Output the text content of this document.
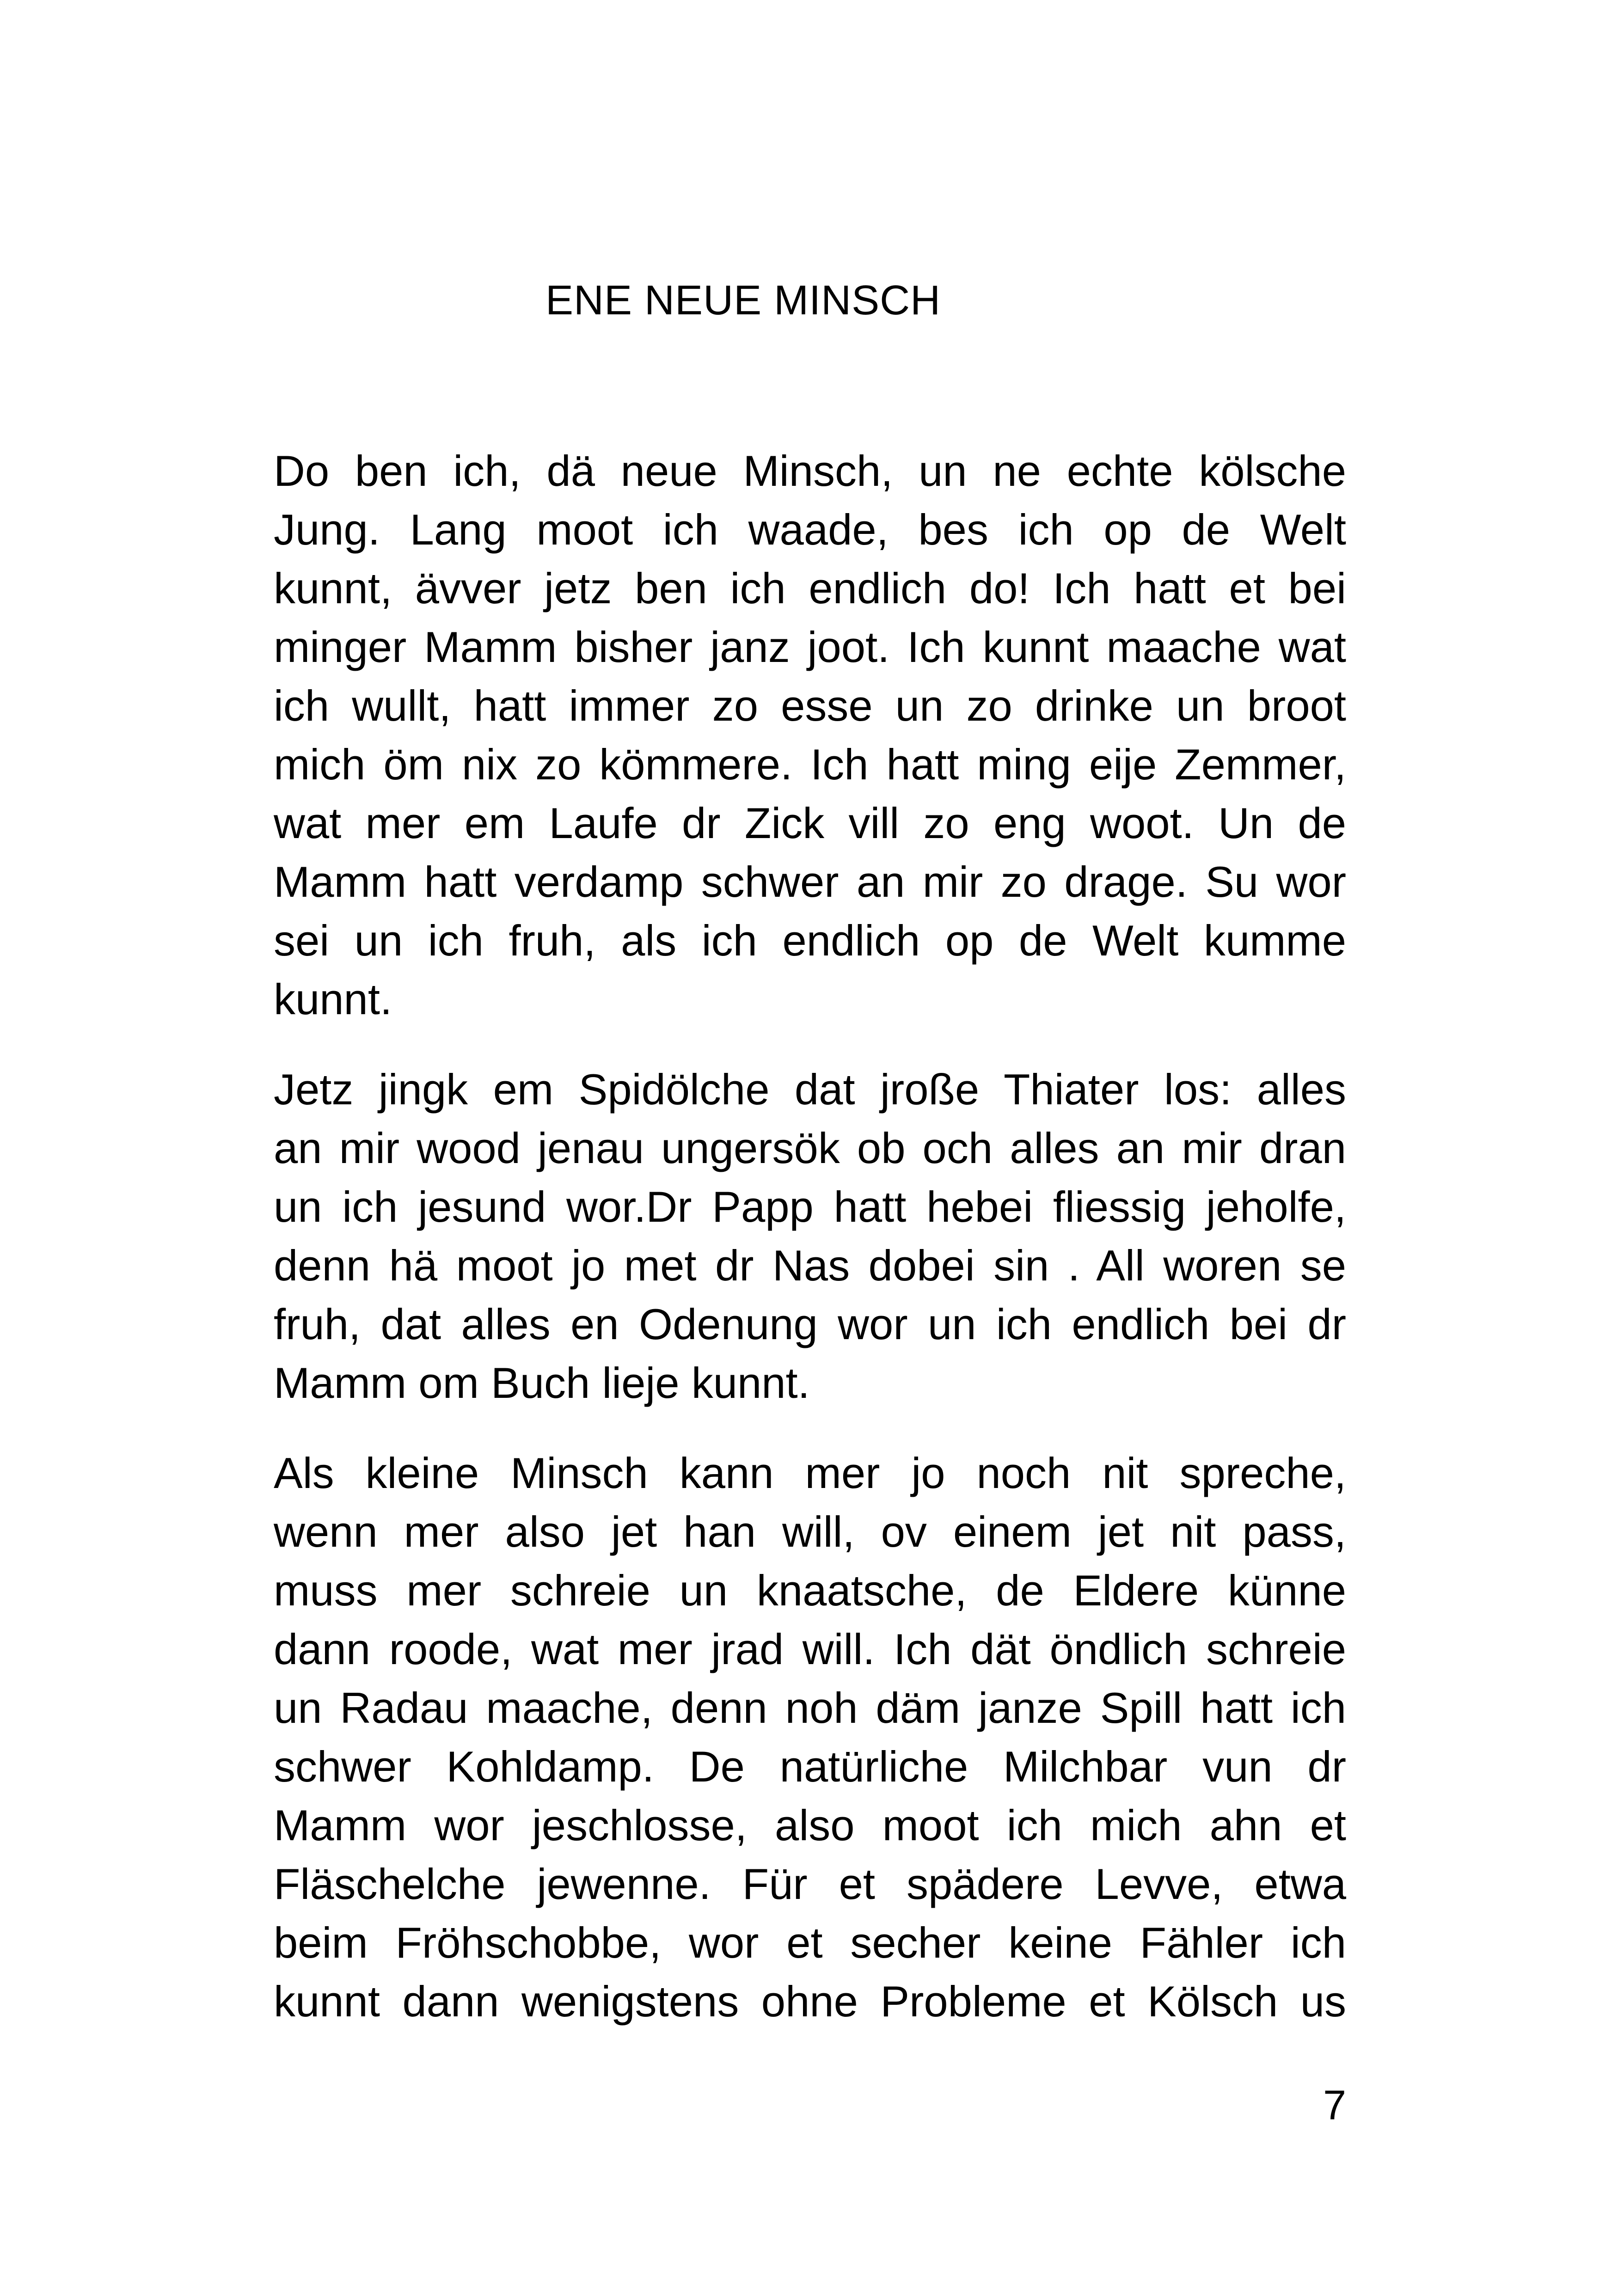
ENE NEUE MINSCH

Do ben ich, dä neue Minsch, un ne echte kölsche
Jung. Lang moot ich waade, bes ich op de Welt
kunnt, ävver jetz ben ich endlich do! Ich hatt et bei
minger Mamm bisher janz joot. Ich kunnt maache wat
ich wullt, hatt immer zo esse un zo drinke un broot
mich öm nix zo kömmere. Ich hatt ming eije Zemmer,
wat mer em Laufe dr Zick vill zo eng woot. Un de
Mamm hatt verdamp schwer an mir zo drage. Su wor
sei un ich fruh, als ich endlich op de Welt kumme
kunnt.

Jetz jingk em Spidölche dat jroße Thiater los: alles
an mir wood jenau ungersök ob och alles an mir dran
un ich jesund wor.Dr Papp hatt hebei fliessig jeholfe,
denn hä moot jo met dr Nas dobei sin . All woren se
fruh, dat alles en Odenung wor un ich endlich bei dr
Mamm om Buch lieje kunnt.

Als kleine Minsch kann mer jo noch nit spreche,
wenn mer also jet han will, ov einem jet nit pass,
muss mer schreie un knaatsche, de Eldere künne
dann roode, wat mer jrad will. Ich dät öndlich schreie
un Radau maache, denn noh däm janze Spill hatt ich
schwer Kohldamp. De natürliche Milchbar vun dr
Mamm wor jeschlosse, also moot ich mich ahn et
Fläschelche jewenne. Für et spädere Levve, etwa
beim Fröhschobbe, wor et secher keine Fähler ich
kunnt dann wenigstens ohne Probleme et Kölsch us

7
